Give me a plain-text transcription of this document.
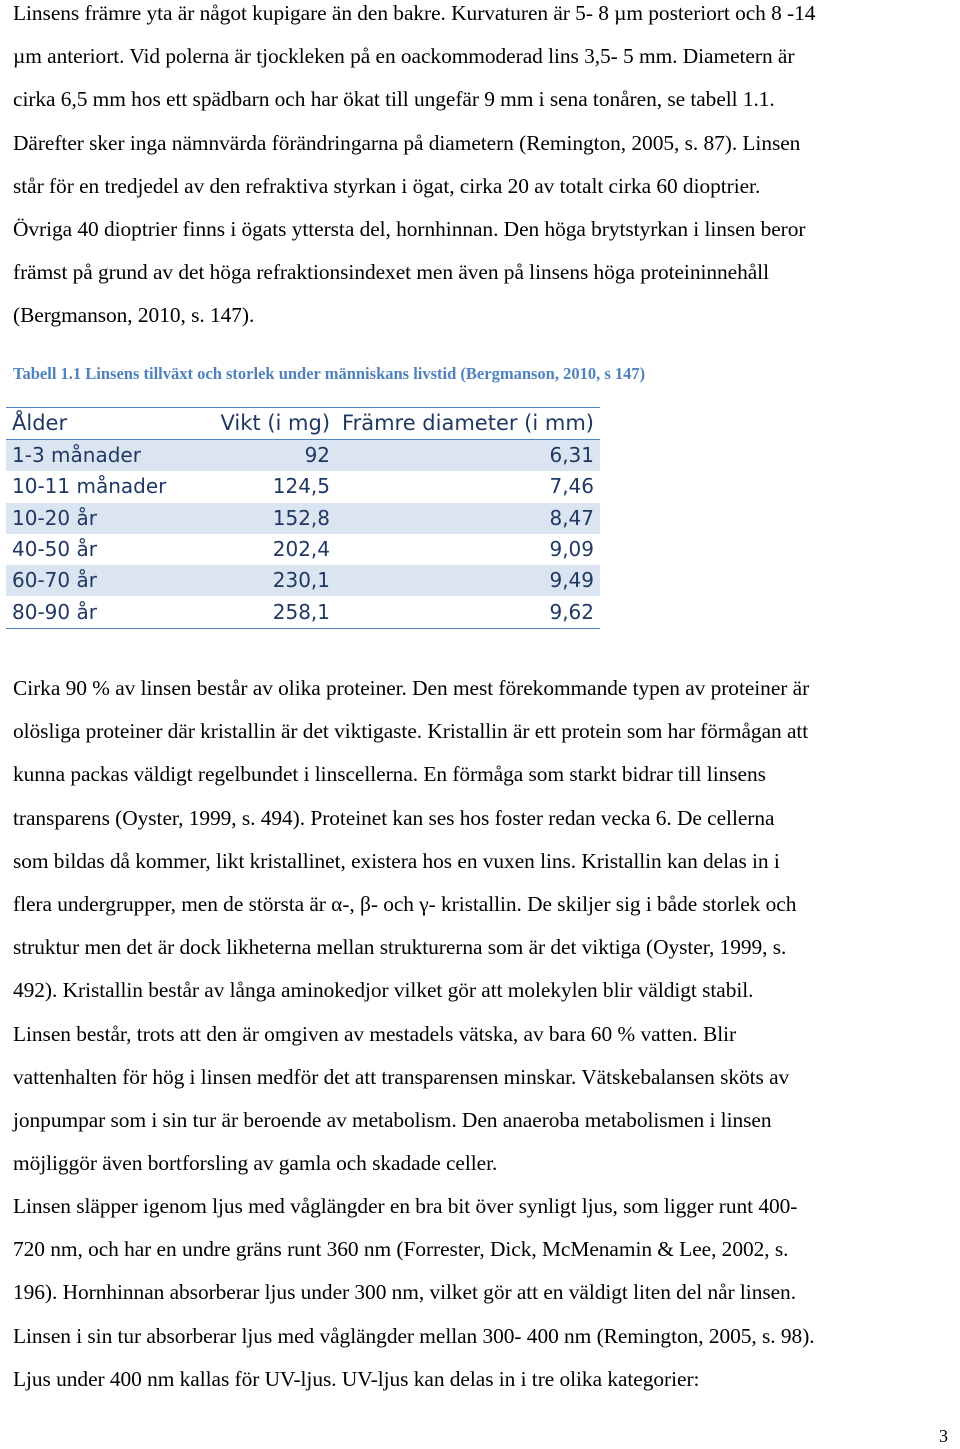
Linsens främre yta är något kupigare än den bakre. Kurvaturen är 5- 8 µm posteriort och 8 -14
µm anteriort. Vid polerna är tjockleken på en oackommoderad lins 3,5- 5 mm. Diametern är
cirka 6,5 mm hos ett spädbarn och har ökat till ungefär 9 mm i sena tonåren, se tabell 1.1.
Därefter sker inga nämnvärda förändringarna på diametern (Remington, 2005, s. 87). Linsen
står för en tredjedel av den refraktiva styrkan i ögat, cirka 20 av totalt cirka 60 dioptrier.
Övriga 40 dioptrier finns i ögats yttersta del, hornhinnan. Den höga brytstyrkan i linsen beror
främst på grund av det höga refraktionsindexet men även på linsens höga proteininnehåll
(Bergmanson, 2010, s. 147).

Tabell 1.1 Linsens tillväxt och storlek under människans livstid (Bergmanson, 2010, s 147)
Ålder	Vikt (i mg)	Främre diameter (i mm)
1-3 månader	92	6,31
10-11 månader	124,5	7,46
10-20 år	152,8	8,47
40-50 år	202,4	9,09
60-70 år	230,1	9,49
80-90 år	258,1	9,62

Cirka 90 % av linsen består av olika proteiner. Den mest förekommande typen av proteiner är
olösliga proteiner där kristallin är det viktigaste. Kristallin är ett protein som har förmågan att
kunna packas väldigt regelbundet i linscellerna. En förmåga som starkt bidrar till linsens
transparens (Oyster, 1999, s. 494). Proteinet kan ses hos foster redan vecka 6. De cellerna
som bildas då kommer, likt kristallinet, existera hos en vuxen lins. Kristallin kan delas in i
flera undergrupper, men de största är α-, β- och γ- kristallin. De skiljer sig i både storlek och
struktur men det är dock likheterna mellan strukturerna som är det viktiga (Oyster, 1999, s.
492). Kristallin består av långa aminokedjor vilket gör att molekylen blir väldigt stabil.
Linsen består, trots att den är omgiven av mestadels vätska, av bara 60 % vatten. Blir
vattenhalten för hög i linsen medför det att transparensen minskar. Vätskebalansen sköts av
jonpumpar som i sin tur är beroende av metabolism. Den anaeroba metabolismen i linsen
möjliggör även bortforsling av gamla och skadade celler.

Linsen släpper igenom ljus med våglängder en bra bit över synligt ljus, som ligger runt 400-
720 nm, och har en undre gräns runt 360 nm (Forrester, Dick, McMenamin & Lee, 2002, s.
196). Hornhinnan absorberar ljus under 300 nm, vilket gör att en väldigt liten del når linsen.
Linsen i sin tur absorberar ljus med våglängder mellan 300- 400 nm (Remington, 2005, s. 98).
Ljus under 400 nm kallas för UV-ljus. UV-ljus kan delas in i tre olika kategorier:

3
